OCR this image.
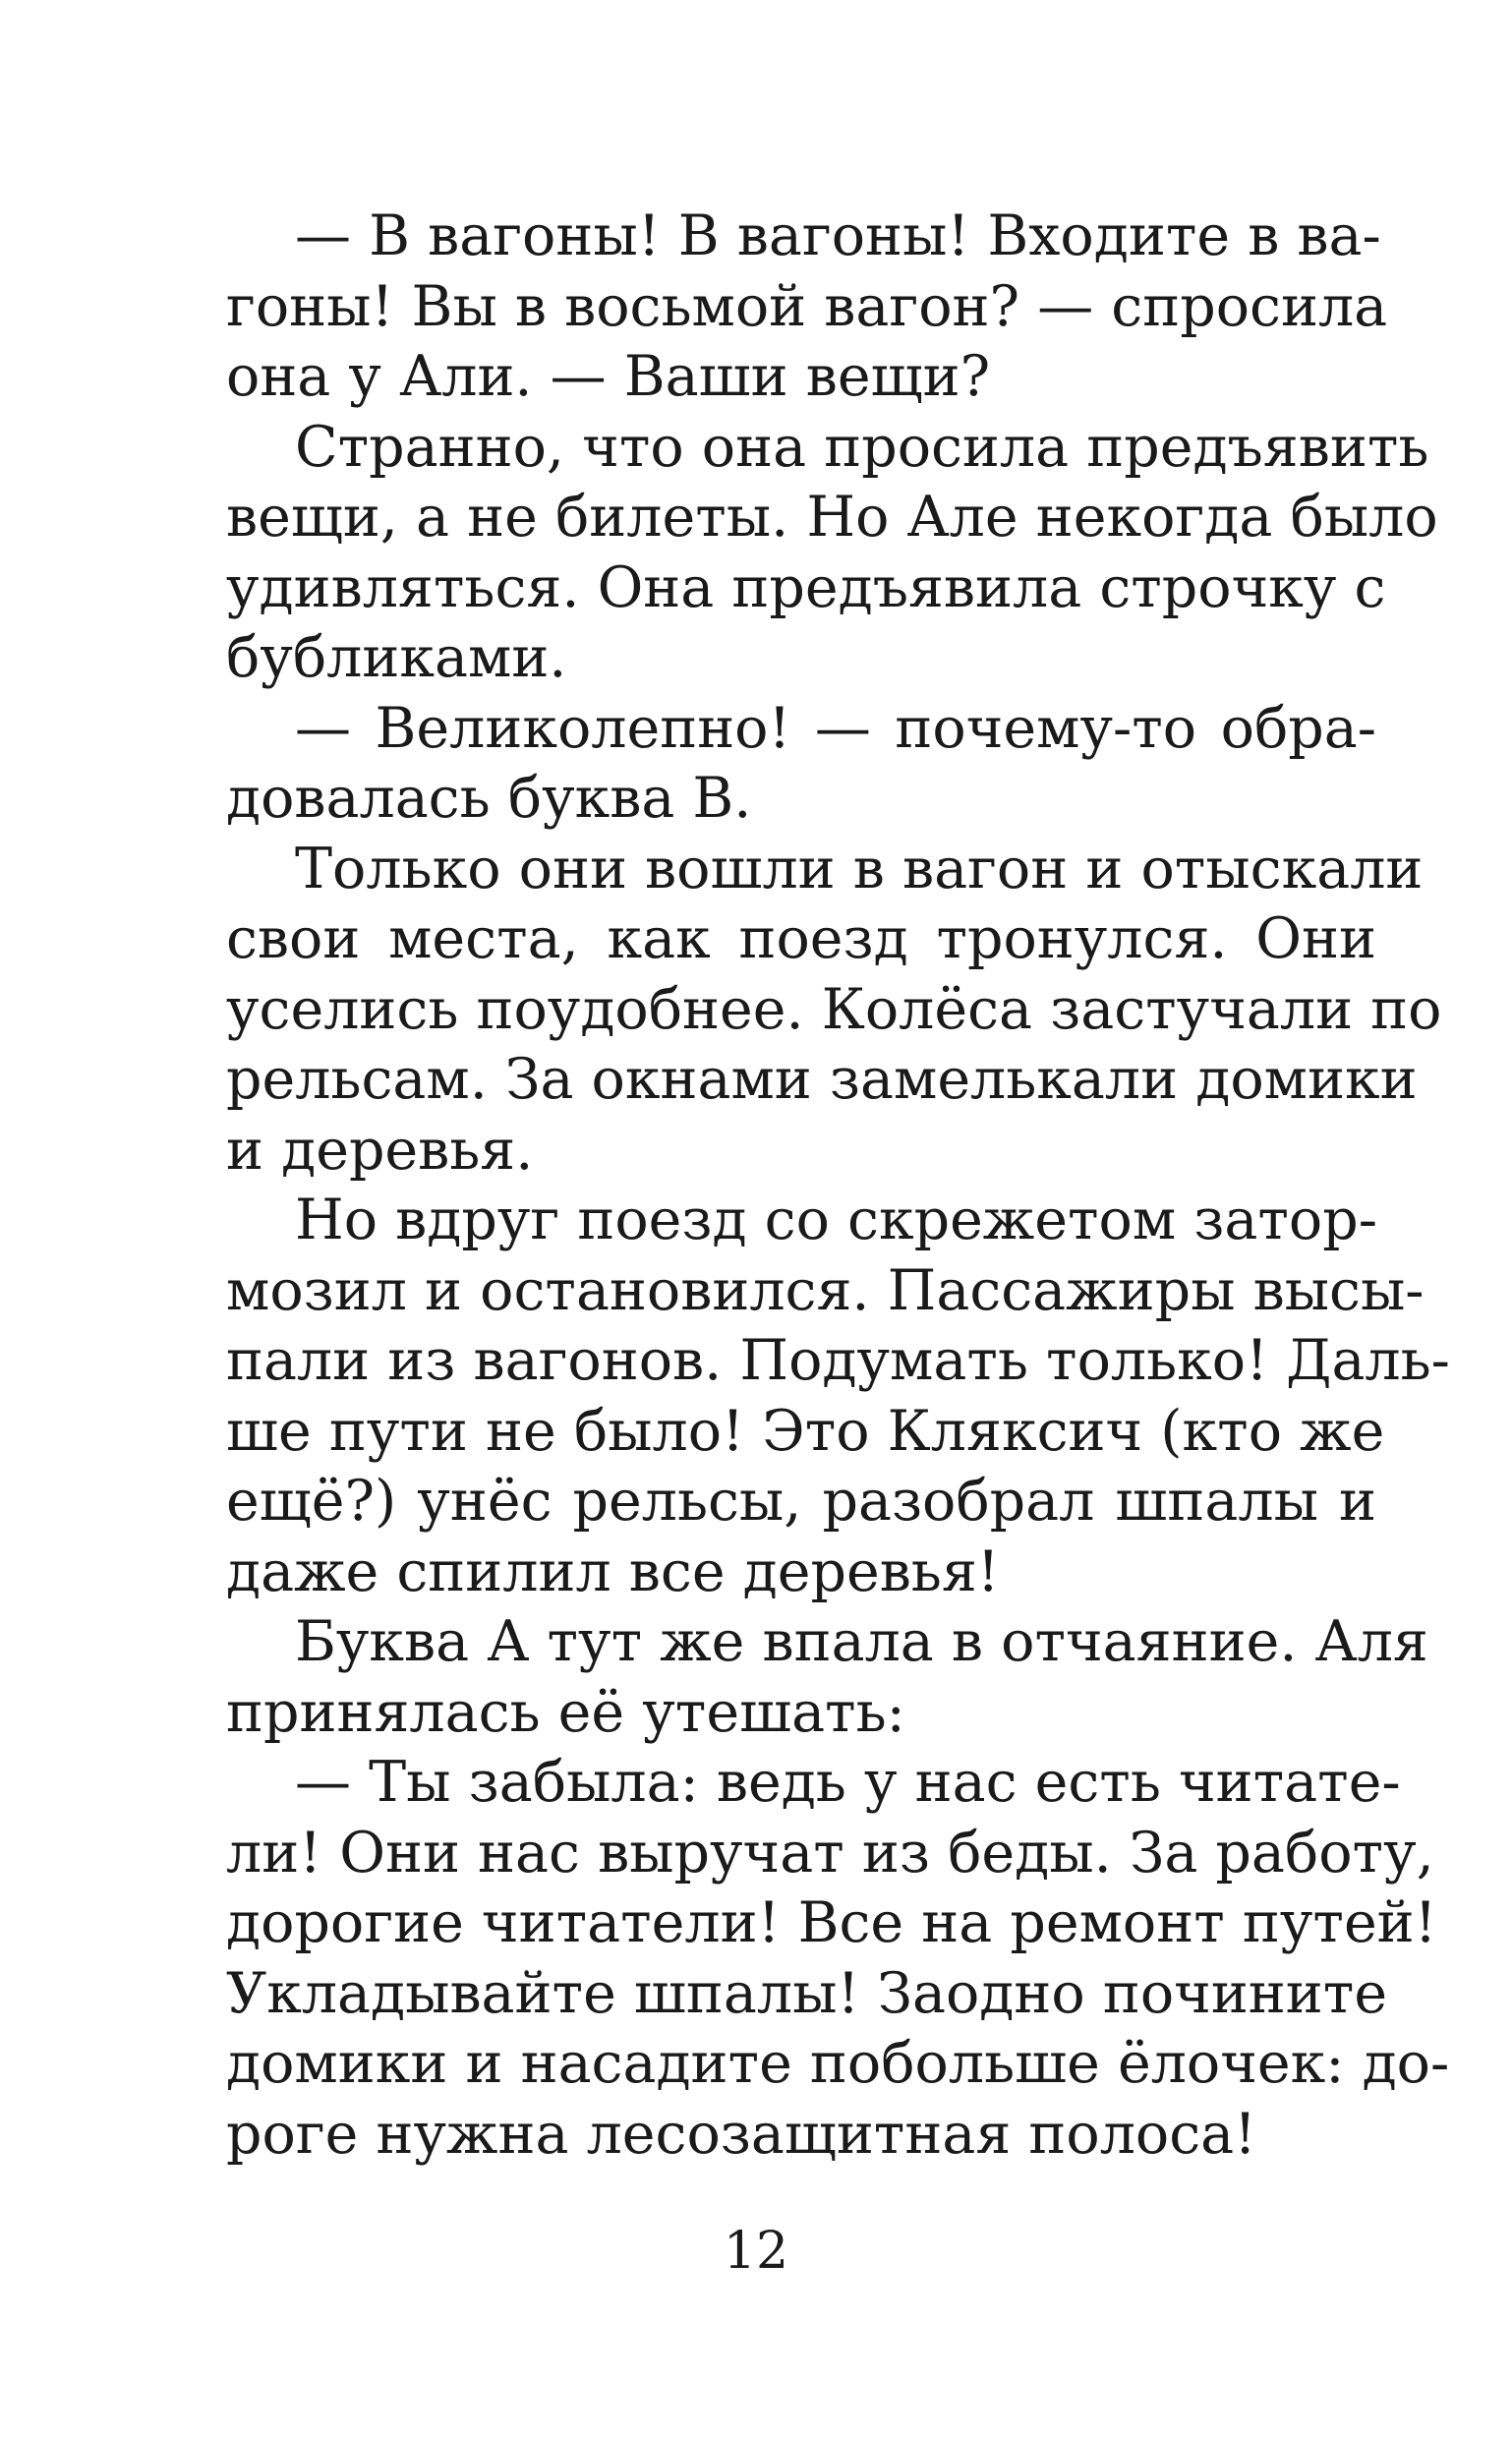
— В вагоны! В вагоны! Входите в ва-
гоны! Вы в восьмой вагон? — спросила
она у Али. — Ваши вещи?
Странно, что она просила предъявить
вещи, а не билеты. Но Але некогда было
удивляться. Она предъявила строчку с
бубликами.
— Великолепно! — почему-то обра-
довалась буква В.
Только они вошли в вагон и отыскали
свои места, как поезд тронулся. Они
уселись поудобнее. Колёса застучали по
рельсам. За окнами замелькали домики
и деревья.
Но вдруг поезд со скрежетом затор-
мозил и остановился. Пассажиры высы-
пали из вагонов. Подумать только! Даль-
ше пути не было! Это Кляксич (кто же
ещё?) унёс рельсы, разобрал шпалы и
даже спилил все деревья!
Буква А тут же впала в отчаяние. Аля
принялась её утешать:
— Ты забыла: ведь у нас есть читате-
ли! Они нас выручат из беды. За работу,
дорогие читатели! Все на ремонт путей!
Укладывайте шпалы! Заодно почините
домики и насадите побольше ёлочек: до-
роге нужна лесозащитная полоса!
12
